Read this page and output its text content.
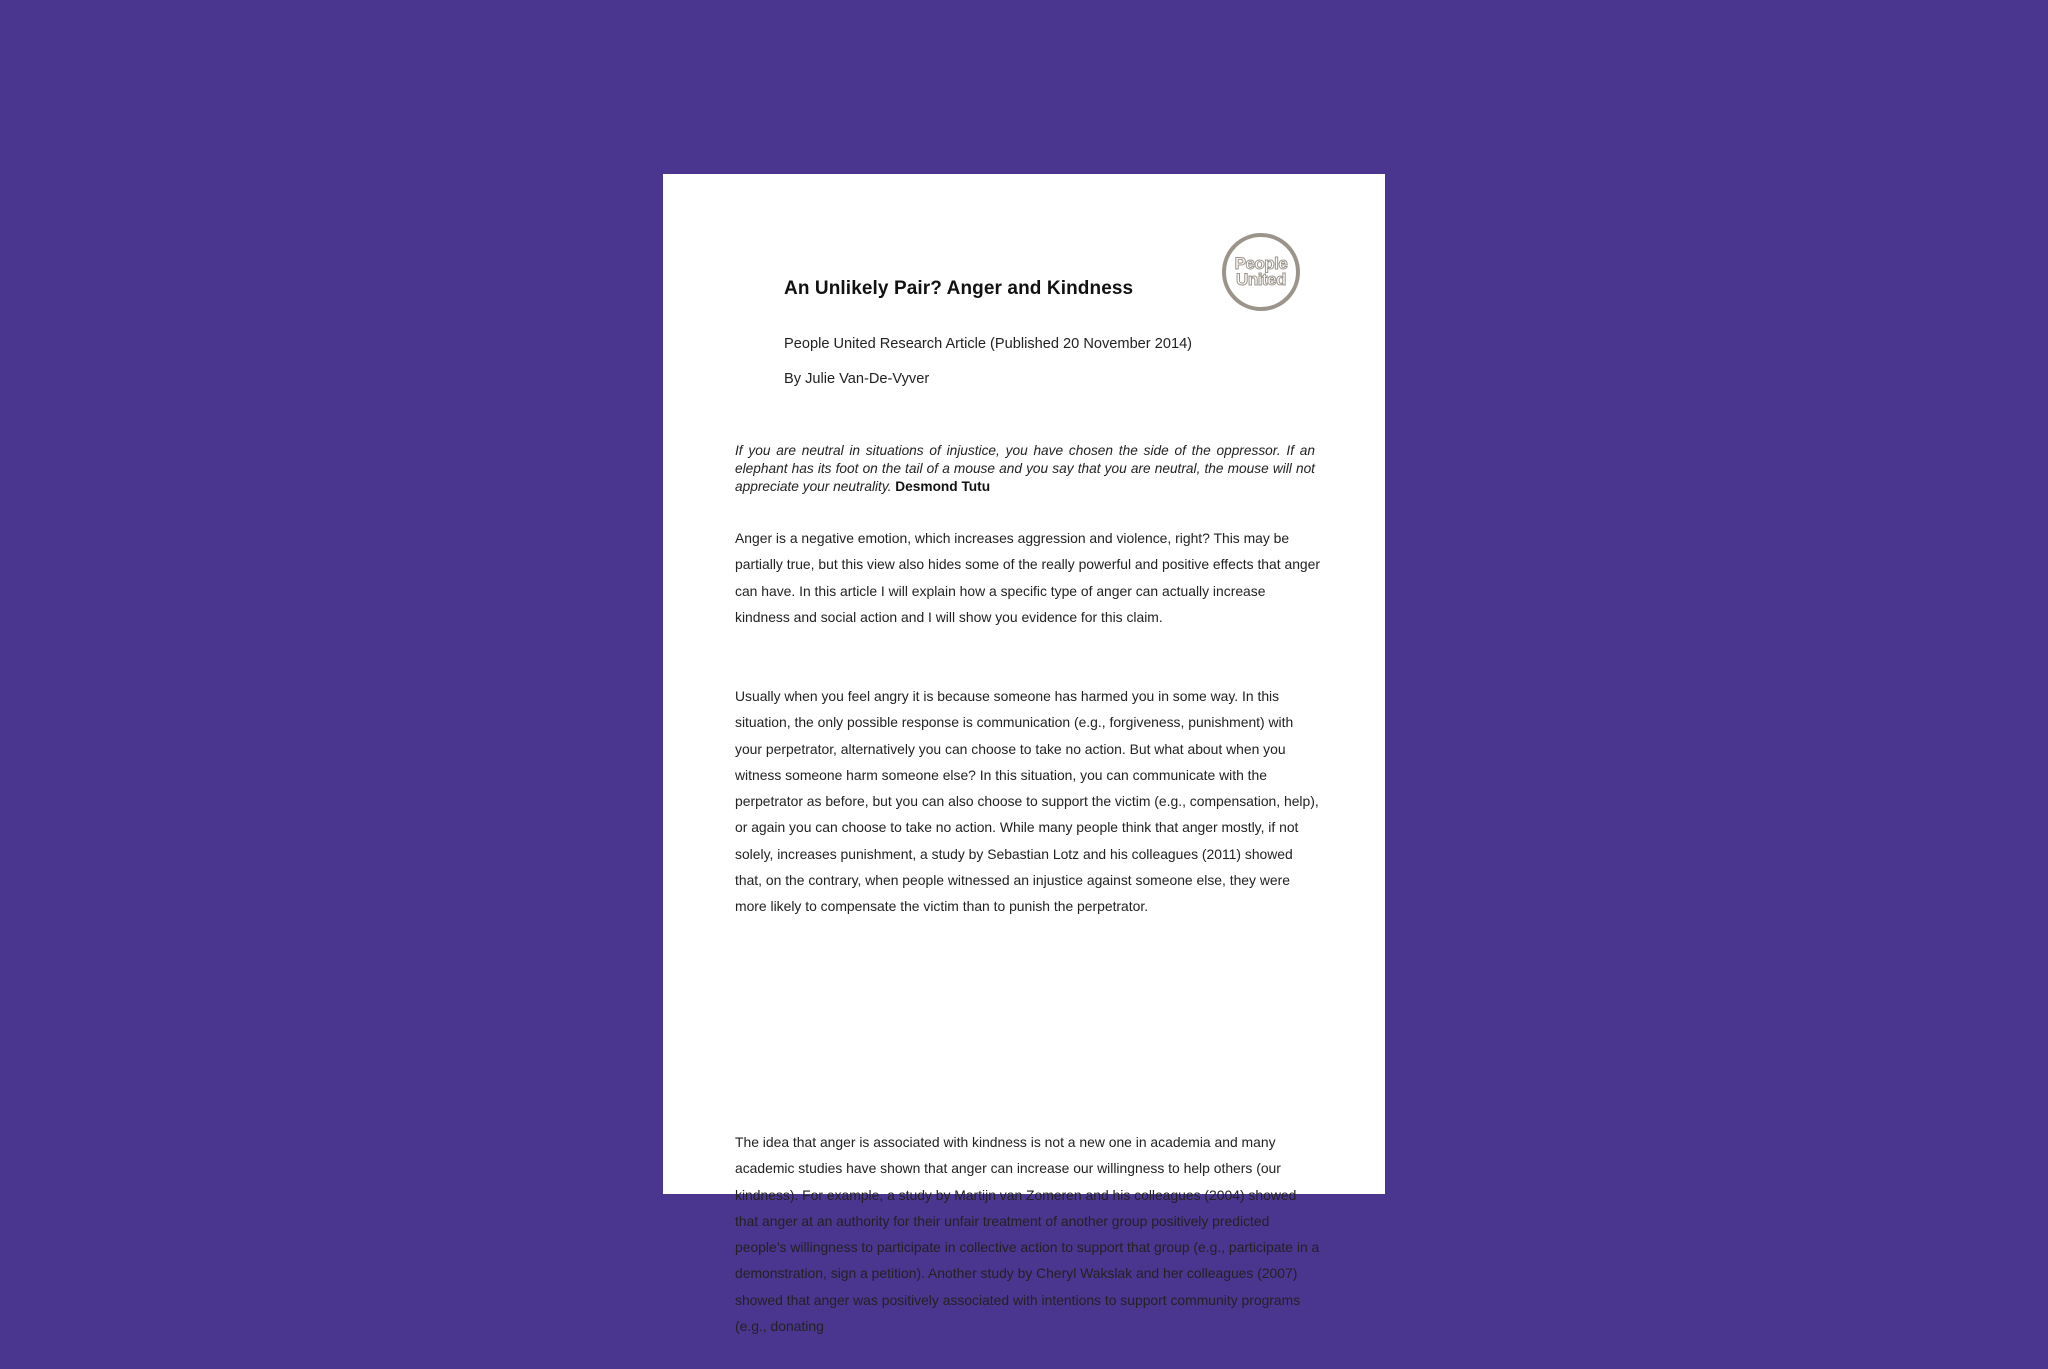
People
United
An Unlikely Pair? Anger and Kindness
People United Research Article (Published 20 November 2014)
By Julie Van-De-Vyver
If you are neutral in situations of injustice, you have chosen the side of the oppressor. If an elephant has its foot on the tail of a mouse and you say that you are neutral, the mouse will not appreciate your neutrality. Desmond Tutu

Anger is a negative emotion, which increases aggression and violence, right? This may be partially true, but this view also hides some of the really powerful and positive effects that anger can have. In this article I will explain how a specific type of anger can actually increase kindness and social action and I will show you evidence for this claim.

Usually when you feel angry it is because someone has harmed you in some way. In this situation, the only possible response is communication (e.g., forgiveness, punishment) with your perpetrator, alternatively you can choose to take no action. But what about when you witness someone harm someone else? In this situation, you can communicate with the perpetrator as before, but you can also choose to support the victim (e.g., compensation, help), or again you can choose to take no action. While many people think that anger mostly, if not solely, increases punishment, a study by Sebastian Lotz and his colleagues (2011) showed that, on the contrary, when people witnessed an injustice against someone else, they were more likely to compensate the victim than to punish the perpetrator.

The idea that anger is associated with kindness is not a new one in academia and many academic studies have shown that anger can increase our willingness to help others (our kindness). For example, a study by Martijn van Zomeren and his colleagues (2004) showed that anger at an authority for their unfair treatment of another group positively predicted people’s willingness to participate in collective action to support that group (e.g., participate in a demonstration, sign a petition). Another study by Cheryl Wakslak and her colleagues (2007) showed that anger was positively associated with intentions to support community programs (e.g., donating
